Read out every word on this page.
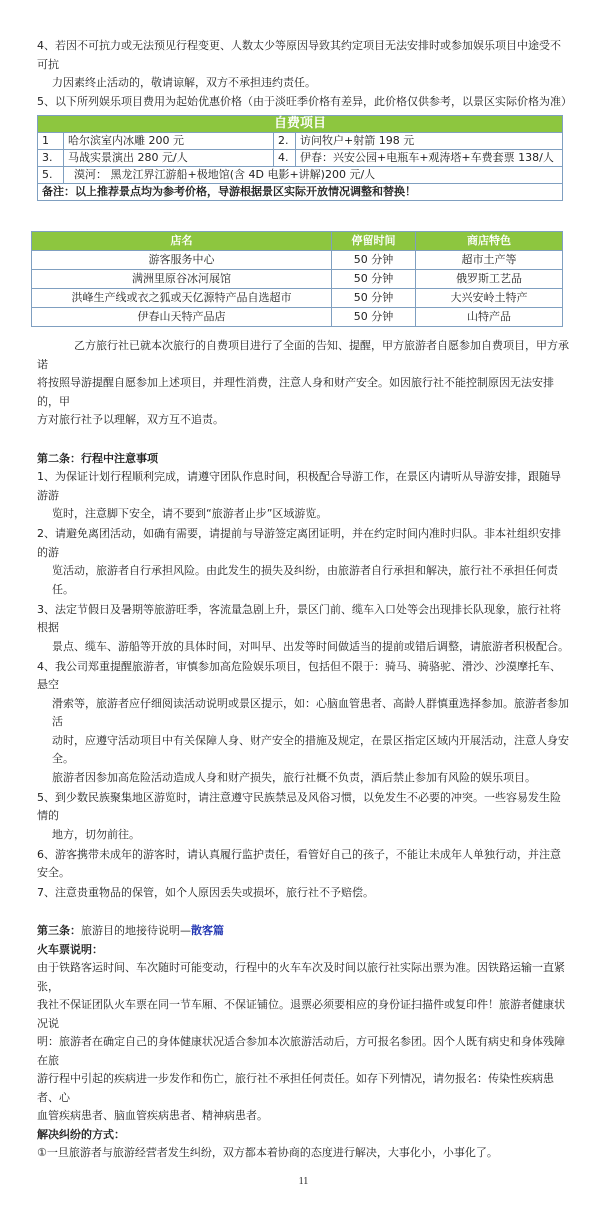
4、若因不可抗力或无法预见行程变更、人数太少等原因导致其约定项目无法安排时或参加娱乐项目中途受不可抗
力因素终止活动的，敬请谅解，双方不承担违约责任。
5、以下所列娱乐项目费用为起始优惠价格（由于淡旺季价格有差异，此价格仅供参考，以景区实际价格为准）
自费项目			
1	哈尔滨室内冰雕 200 元	2.	访问牧户+射箭 198 元
3.	马战实景演出 280 元/人	4.	伊春：兴安公园+电瓶车+观涛塔+车费套票 138/人
5.	漠河： 黑龙江界江游船+极地馆(含 4D 电影+讲解)200 元/人		
备注：以上推荐景点均为参考价格，导游根据景区实际开放情况调整和替换！			
店名	停留时间	商店特色
游客服务中心	50 分钟	超市土产等
满洲里原谷冰河展馆	50 分钟	俄罗斯工艺品
洪峰生产线或衣之狐或天亿源特产品自选超市	50 分钟	大兴安岭土特产
伊春山天特产品店	50 分钟	山特产品
乙方旅行社已就本次旅行的自费项目进行了全面的告知、提醒，甲方旅游者自愿参加自费项目，甲方承诺
将按照导游提醒自愿参加上述项目，并理性消费，注意人身和财产安全。如因旅行社不能控制原因无法安排的，甲
方对旅行社予以理解，双方互不追责。
第二条：行程中注意事项
1、为保证计划行程顺利完成，请遵守团队作息时间，积极配合导游工作，在景区内请听从导游安排，跟随导游游
览时，注意脚下安全，请不要到“旅游者止步”区域游览。
2、请避免离团活动，如确有需要，请提前与导游签定离团证明，并在约定时间内准时归队。非本社组织安排的游
览活动，旅游者自行承担风险。由此发生的损失及纠纷，由旅游者自行承担和解决，旅行社不承担任何责任。
3、法定节假日及暑期等旅游旺季，客流量急剧上升，景区门前、缆车入口处等会出现排长队现象，旅行社将根据
景点、缆车、游船等开放的具体时间，对叫早、出发等时间做适当的提前或错后调整，请旅游者积极配合。
4、我公司郑重提醒旅游者，审慎参加高危险娱乐项目，包括但不限于：骑马、骑骆驼、滑沙、沙漠摩托车、悬空
滑索等，旅游者应仔细阅读活动说明或景区提示，如：心脑血管患者、高龄人群慎重选择参加。旅游者参加活
动时，应遵守活动项目中有关保障人身、财产安全的措施及规定，在景区指定区域内开展活动，注意人身安全。
旅游者因参加高危险活动造成人身和财产损失，旅行社概不负责，酒后禁止参加有风险的娱乐项目。
5、到少数民族聚集地区游览时，请注意遵守民族禁忌及风俗习惯，以免发生不必要的冲突。一些容易发生险情的
地方，切勿前往。
6、游客携带未成年的游客时，请认真履行监护责任，看管好自己的孩子，不能让未成年人单独行动，并注意安全。
7、注意贵重物品的保管，如个人原因丢失或损坏，旅行社不予赔偿。
第三条：旅游目的地接待说明—散客篇
火车票说明：
由于铁路客运时间、车次随时可能变动，行程中的火车车次及时间以旅行社实际出票为准。因铁路运输一直紧张，
我社不保证团队火车票在同一节车厢、不保证铺位。退票必须要相应的身份证扫描件或复印件！旅游者健康状况说
明：旅游者在确定自己的身体健康状况适合参加本次旅游活动后，方可报名参团。因个人既有病史和身体残障在旅
游行程中引起的疾病进一步发作和伤亡，旅行社不承担任何责任。如存下列情况，请勿报名：传染性疾病患者、心
血管疾病患者、脑血管疾病患者、精神病患者。
解决纠纷的方式：
①一旦旅游者与旅游经营者发生纠纷，双方都本着协商的态度进行解决，大事化小，小事化了。
11
